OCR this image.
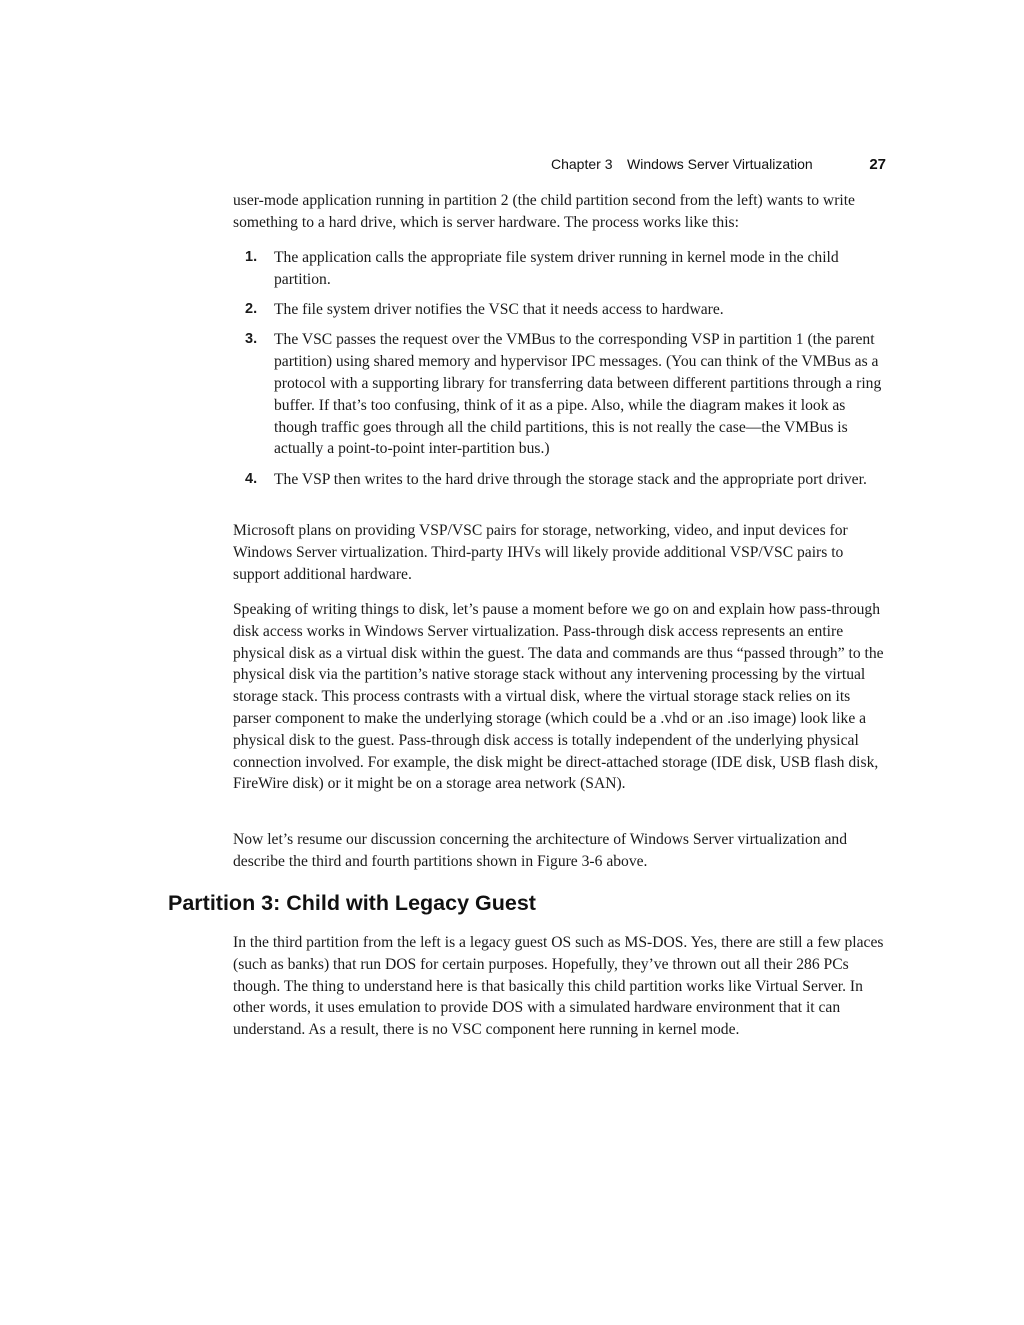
Chapter 3 Windows Server Virtualization	27

user-mode application running in partition 2 (the child partition second from the left) wants to write something to a hard drive, which is server hardware. The process works like this:

1. The application calls the appropriate file system driver running in kernel mode in the child partition.
2. The file system driver notifies the VSC that it needs access to hardware.
3. The VSC passes the request over the VMBus to the corresponding VSP in partition 1 (the parent partition) using shared memory and hypervisor IPC messages. (You can think of the VMBus as a protocol with a supporting library for transferring data between different partitions through a ring buffer. If that’s too confusing, think of it as a pipe. Also, while the diagram makes it look as though traffic goes through all the child partitions, this is not really the case—the VMBus is actually a point-to-point inter-partition bus.)
4. The VSP then writes to the hard drive through the storage stack and the appropriate port driver.

Microsoft plans on providing VSP/VSC pairs for storage, networking, video, and input devices for Windows Server virtualization. Third-party IHVs will likely provide additional VSP/VSC pairs to support additional hardware.

Speaking of writing things to disk, let’s pause a moment before we go on and explain how pass-through disk access works in Windows Server virtualization. Pass-through disk access represents an entire physical disk as a virtual disk within the guest. The data and commands are thus “passed through” to the physical disk via the partition’s native storage stack without any intervening processing by the virtual storage stack. This process contrasts with a virtual disk, where the virtual storage stack relies on its parser component to make the underlying storage (which could be a .vhd or an .iso image) look like a physical disk to the guest. Pass-through disk access is totally independent of the underlying physical connection involved. For example, the disk might be direct-attached storage (IDE disk, USB flash disk, FireWire disk) or it might be on a storage area network (SAN).

Now let’s resume our discussion concerning the architecture of Windows Server virtualization and describe the third and fourth partitions shown in Figure 3-6 above.

Partition 3: Child with Legacy Guest

In the third partition from the left is a legacy guest OS such as MS-DOS. Yes, there are still a few places (such as banks) that run DOS for certain purposes. Hopefully, they’ve thrown out all their 286 PCs though. The thing to understand here is that basically this child partition works like Virtual Server. In other words, it uses emulation to provide DOS with a simulated hardware environment that it can understand. As a result, there is no VSC component here running in kernel mode.
